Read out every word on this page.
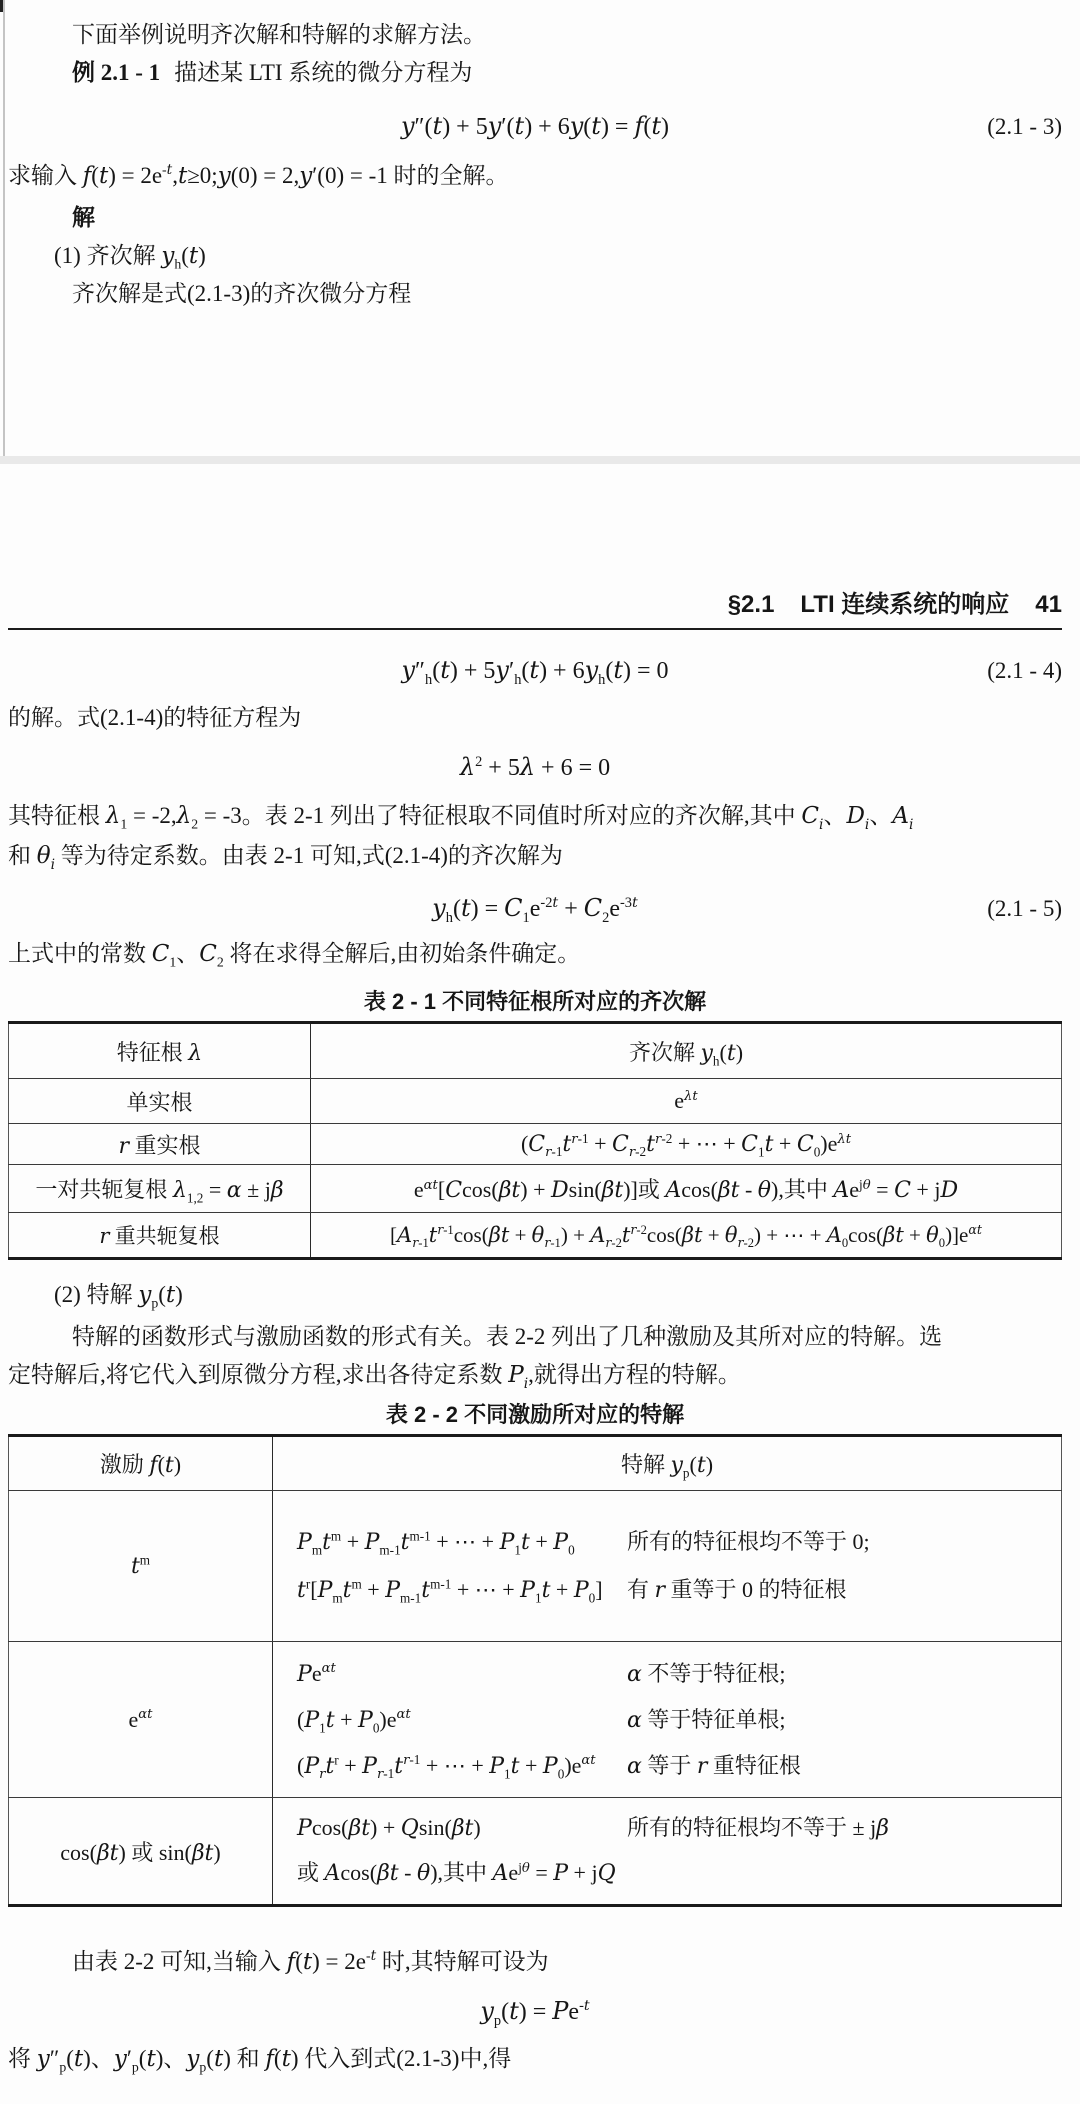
下面举例说明齐次解和特解的求解方法。

例 2.1 - 1 描述某 LTI 系统的微分方程为

y″(t) + 5y′(t) + 6y(t) = f(t)	(2.1 - 3)

求输入 $f(t) = 2e^{-t},t\ge 0;y(0) = 2,y'(0) = -1$ 时的全解。

解

(1) 齐次解 $y_h(t)$

齐次解是式(2.1-3)的齐次微分方程

§2.1 LTI 连续系统的响应 41
$y''_h(t) + 5y'_h(t) + 6y_h(t) = 0$	(2.1 - 4)

的解。式(2.1-4)的特征方程为

$\lambda^2 + 5\lambda + 6 = 0$

其特征根 $\lambda_1 = -2,\lambda_2 = -3$。表 2-1 列出了特征根取不同值时所对应的齐次解,其中 $C_i$、$D_i$、$A_i$

和 $\theta_i$ 等为待定系数。由表 2-1 可知,式(2.1-4)的齐次解为

$y_h(t) = C_1e^{-2t} + C_2e^{-3t}$	(2.1 - 5)

上式中的常数 $C_1$、$C_2$ 将在求得全解后,由初始条件确定。

表 2 - 1 不同特征根所对应的齐次解

特征根 λ	齐次解 $y_h(t)$
单实根	$e^{\lambda t}$
r 重实根	($C_{r-1}t^{r-1} + C_{r-2}t^{r-2}$ + ⋯ + $C_1t + C_0)e^{\lambda t}$
一对共轭复根 $\lambda_{1,2} = \alpha \pm j\beta$	$e^{\alpha t}[Ccos(\beta t) + Dsin(\beta t)]$或 Acos(βt - θ),其中 $Ae^{j\theta} = C$ + jD
r 重共轭复根	[$A_{r-1}t^{r-1}\cos(\beta t + \theta_{r-1}) + A_{r-2}t^{r-2}\cos(\beta t + \theta_{r-2})$ + ⋯ + $A_0\cos(\beta t + \theta_0)]e^{\alpha t}$

(2) 特解 $y_p(t)$

特解的函数形式与激励函数的形式有关。表 2-2 列出了几种激励及其所对应的特解。选

定特解后,将它代入到原微分方程,求出各待定系数 $P_i$,就得出方程的特解。

表 2 - 2 不同激励所对应的特解

激励 f(t)	特解 $y_p(t)$
$t^m$	$P_mt^m + P_{m-1}t^{m-1}$ + ⋯ + $P_1t + P_0$ 所有的特征根均不等于 0;
$t^r[P_mt^m + P_{m-1}t^{m-1}$ + ⋯ + $P_1t + P_0$] 有 r 重等于 0 的特征根

$e^{\alpha t}$	
$Pe^{\alpha t}$	α 不等于特征根;
$(P_1t + P_0)e^{\alpha t}$	α 等于特征单根;
($P_rt^r + P_{r-1}t^{r-1}$ + ⋯ + $P_1t + P_0)e^{\alpha t}$	α 等于 r 重特征根

cos(βt) 或 sin(βt)	Pcos(βt) + Qsin(βt) 所有的特征根均不等于 ± jβ
或 Acos(βt - θ),其中 $Ae^{j\theta} = P$ + jQ

由表 2-2 可知,当输入 $f(t) = 2e^{-t}$ 时,其特解可设为

$y_p(t) = Pe^{-t}$

将 $y''_p(t)$、$y'_p(t)$、$y_p(t)$ 和 f(t) 代入到式(2.1-3)中,得
